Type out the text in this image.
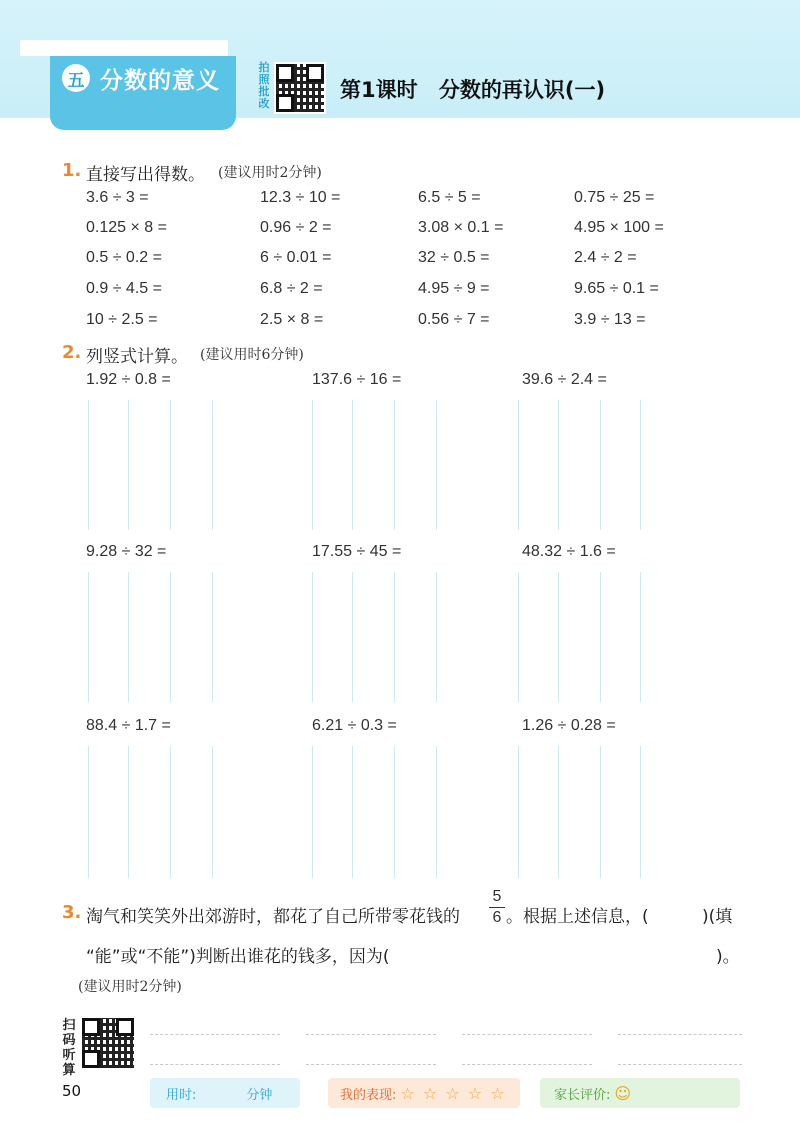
五 分数的意义
拍照批改
第1课时 分数的再认识(一)
1. 直接写出得数。 (建议用时2分钟)
3.6 ÷ 3 =	12.3 ÷ 10 =	6.5 ÷ 5 =	0.75 ÷ 25 =
0.125 × 8 =	0.96 ÷ 2 =	3.08 × 0.1 =	4.95 × 100 =
0.5 ÷ 0.2 =	6 ÷ 0.01 =	32 ÷ 0.5 =	2.4 ÷ 2 =
0.9 ÷ 4.5 =	6.8 ÷ 2 =	4.95 ÷ 9 =	9.65 ÷ 0.1 =
10 ÷ 2.5 =	2.5 × 8 =	0.56 ÷ 7 =	3.9 ÷ 13 =
2. 列竖式计算。 (建议用时6分钟)
1.92 ÷ 0.8 =	137.6 ÷ 16 =	39.6 ÷ 2.4 =
9.28 ÷ 32 =	17.55 ÷ 45 =	48.32 ÷ 1.6 =
88.4 ÷ 1.7 =	6.21 ÷ 0.3 =	1.26 ÷ 0.28 =
3. 淘气和笑笑外出郊游时，都花了自己所带零花钱的
5
6 。根据上述信息，(	)(填
“能”或“不能”)判断出谁花的钱多，因为(	)。
(建议用时2分钟)
扫码听算
50	用时:	分钟	我的表现: ☆ ☆ ☆ ☆ ☆	家长评价: ☺
